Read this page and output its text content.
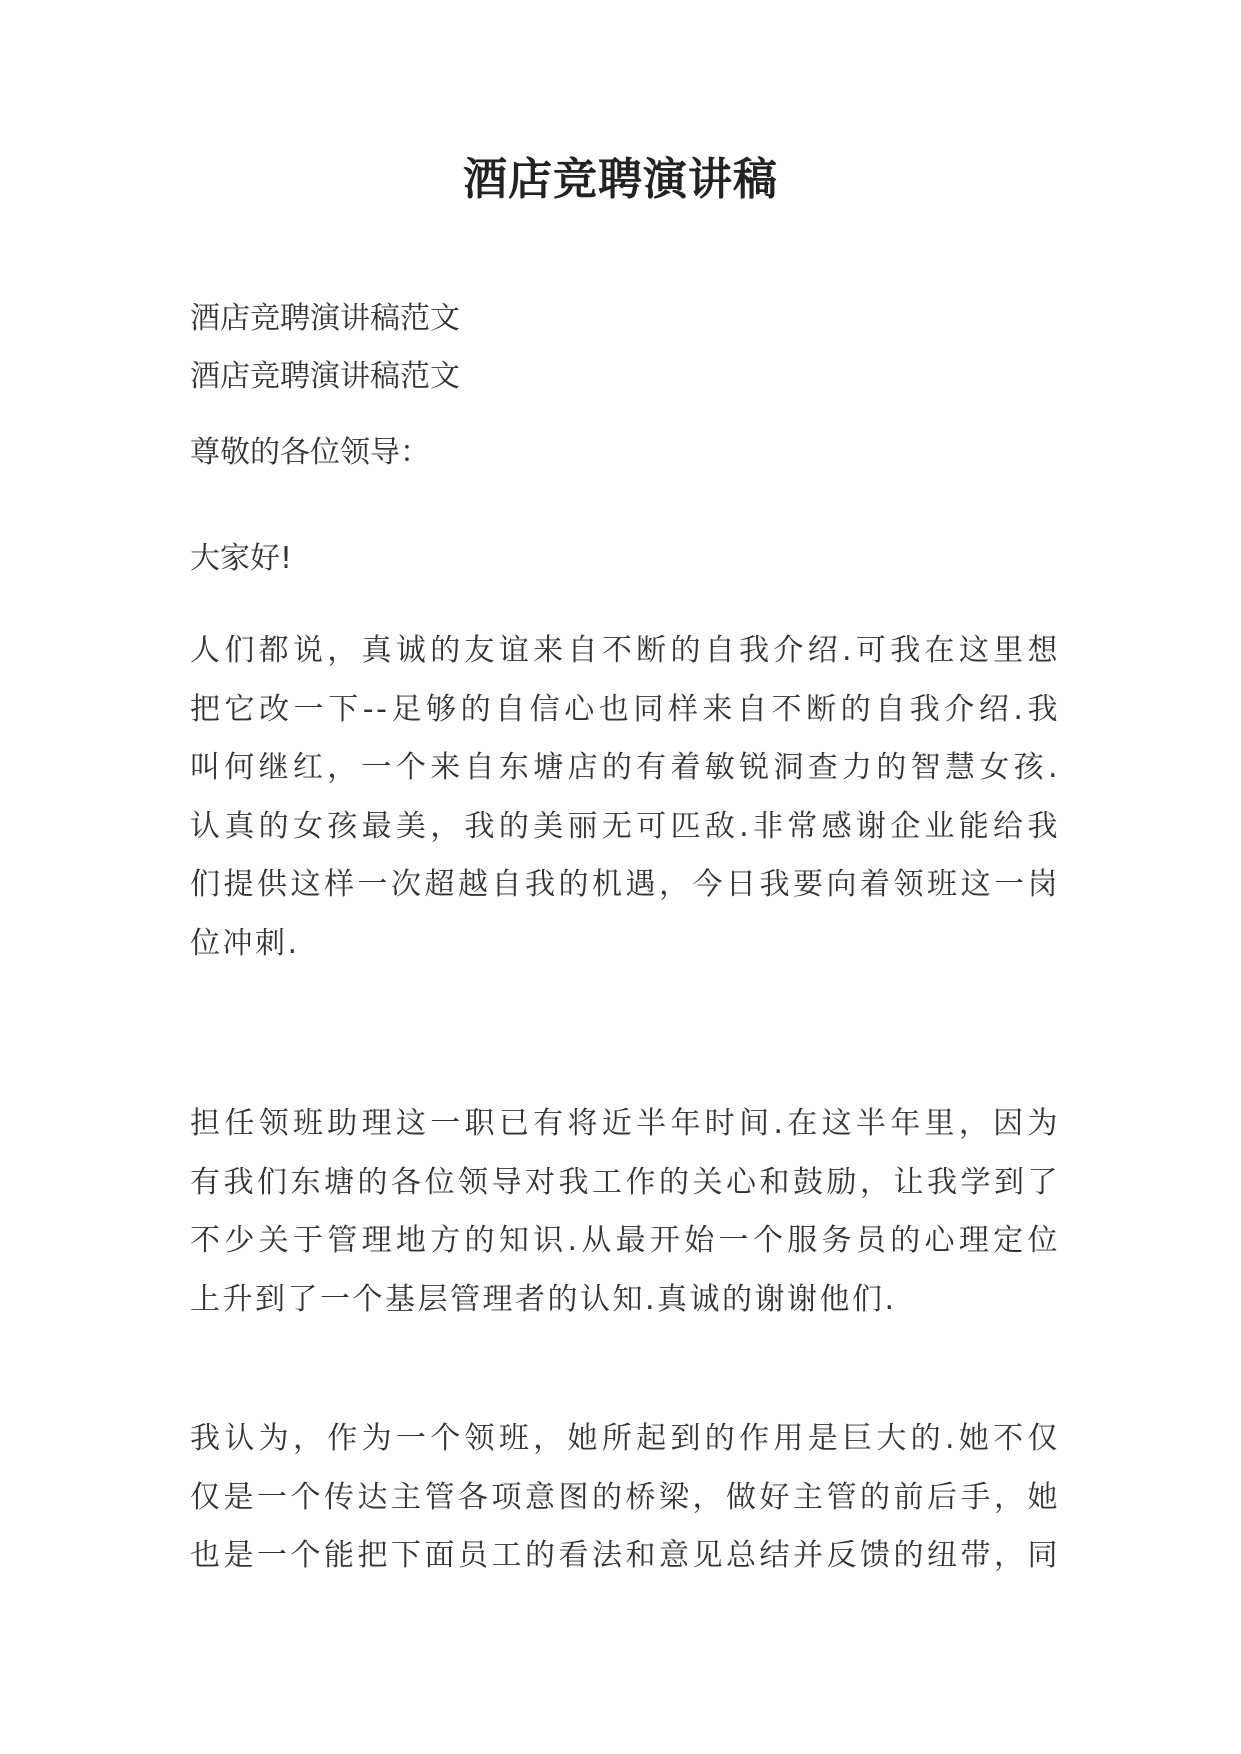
酒店竞聘演讲稿
酒店竞聘演讲稿范文
酒店竞聘演讲稿范文
尊敬的各位领导：
大家好!
人们都说，真诚的友谊来自不断的自我介绍.可我在这里想
把它改一下--足够的自信心也同样来自不断的自我介绍.我
叫何继红，一个来自东塘店的有着敏锐洞查力的智慧女孩.
认真的女孩最美，我的美丽无可匹敌.非常感谢企业能给我
们提供这样一次超越自我的机遇，今日我要向着领班这一岗
位冲刺.
担任领班助理这一职已有将近半年时间.在这半年里，因为
有我们东塘的各位领导对我工作的关心和鼓励，让我学到了
不少关于管理地方的知识.从最开始一个服务员的心理定位
上升到了一个基层管理者的认知.真诚的谢谢他们.
我认为，作为一个领班，她所起到的作用是巨大的.她不仅
仅是一个传达主管各项意图的桥梁，做好主管的前后手，她
也是一个能把下面员工的看法和意见总结并反馈的纽带，同
